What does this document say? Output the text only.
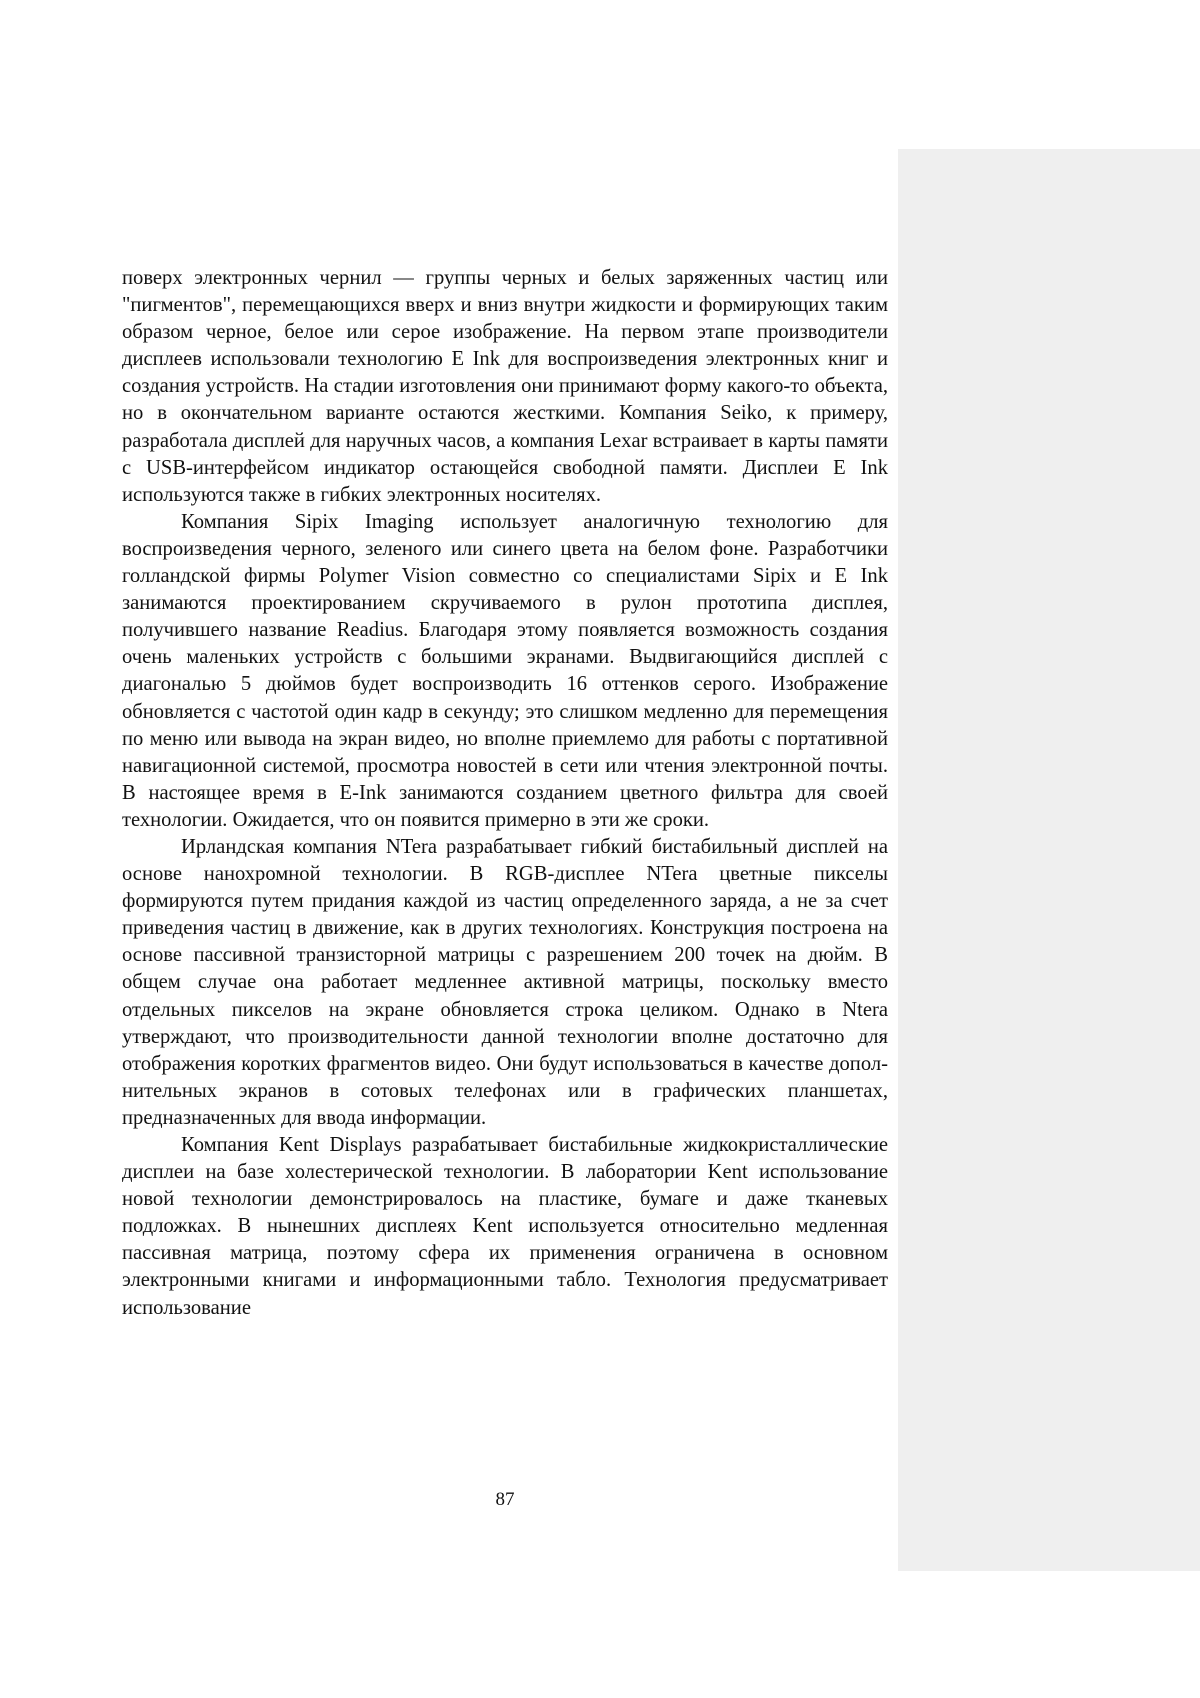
поверх электронных чернил — группы черных и белых заряженных частиц или "пигментов", перемещающихся вверх и вниз внутри жидкости и формирующих таким образом черное, белое или серое изображение. На первом этапе производители дисплеев использовали технологию E Ink для воспроизведения электронных книг и создания устройств. На стадии изготовления они принимают форму какого-то объекта, но в окончательном варианте остаются жесткими. Компания Seiko, к примеру, разработала дисплей для наручных часов, а компания Lexar встраивает в карты памяти с USB-интерфейсом индикатор остающейся свободной памяти. Дисплеи E Ink используются также в гибких электронных носителях.

Компания Sipix Imaging использует аналогичную технологию для воспроизведения черного, зеленого или синего цвета на белом фоне. Разработчики голландской фирмы Polymer Vision совместно со специалистами Sipix и E Ink занимаются проектированием скручиваемого в рулон прототипа дисплея, получившего название Readius. Благодаря этому появляется возможность создания очень маленьких устройств с большими экранами. Выдвигающийся дисплей с диагональю 5 дюймов будет воспроизводить 16 оттенков серого. Изображение обновляется с частотой один кадр в секунду; это слишком медленно для перемещения по меню или вывода на экран видео, но вполне приемлемо для работы с портативной навигационной системой, просмотра новостей в сети или чтения электронной почты. В настоящее время в E-Ink занимаются созданием цветного фильтра для своей технологии. Ожидается, что он появится примерно в эти же сроки.

Ирландская компания NTera разрабатывает гибкий бистабильный дисплей на основе нанохромной технологии. В RGB-дисплее NTera цветные пикселы формируются путем придания каждой из частиц определенного заряда, а не за счет приведения частиц в движение, как в других технологиях. Конструкция построена на основе пассивной транзисторной матрицы с разрешением 200 точек на дюйм. В общем случае она работает медленнее активной матрицы, поскольку вместо отдельных пикселов на экране обновляется строка целиком. Однако в Ntera утверждают, что производительности данной технологии вполне достаточно для отображения коротких фрагментов видео. Они будут использоваться в качестве дополнительных экранов в сотовых телефонах или в графических планшетах, предназначенных для ввода информации.

Компания Kent Displays разрабатывает бистабильные жидкокристаллические дисплеи на базе холестерической технологии. В лаборатории Kent использование новой технологии демонстрировалось на пластике, бумаге и даже тканевых подложках. В нынешних дисплеях Kent используется относительно медленная пассивная матрица, поэтому сфера их применения ограничена в основном электронными книгами и информационными табло. Технология предусматривает использование

87
